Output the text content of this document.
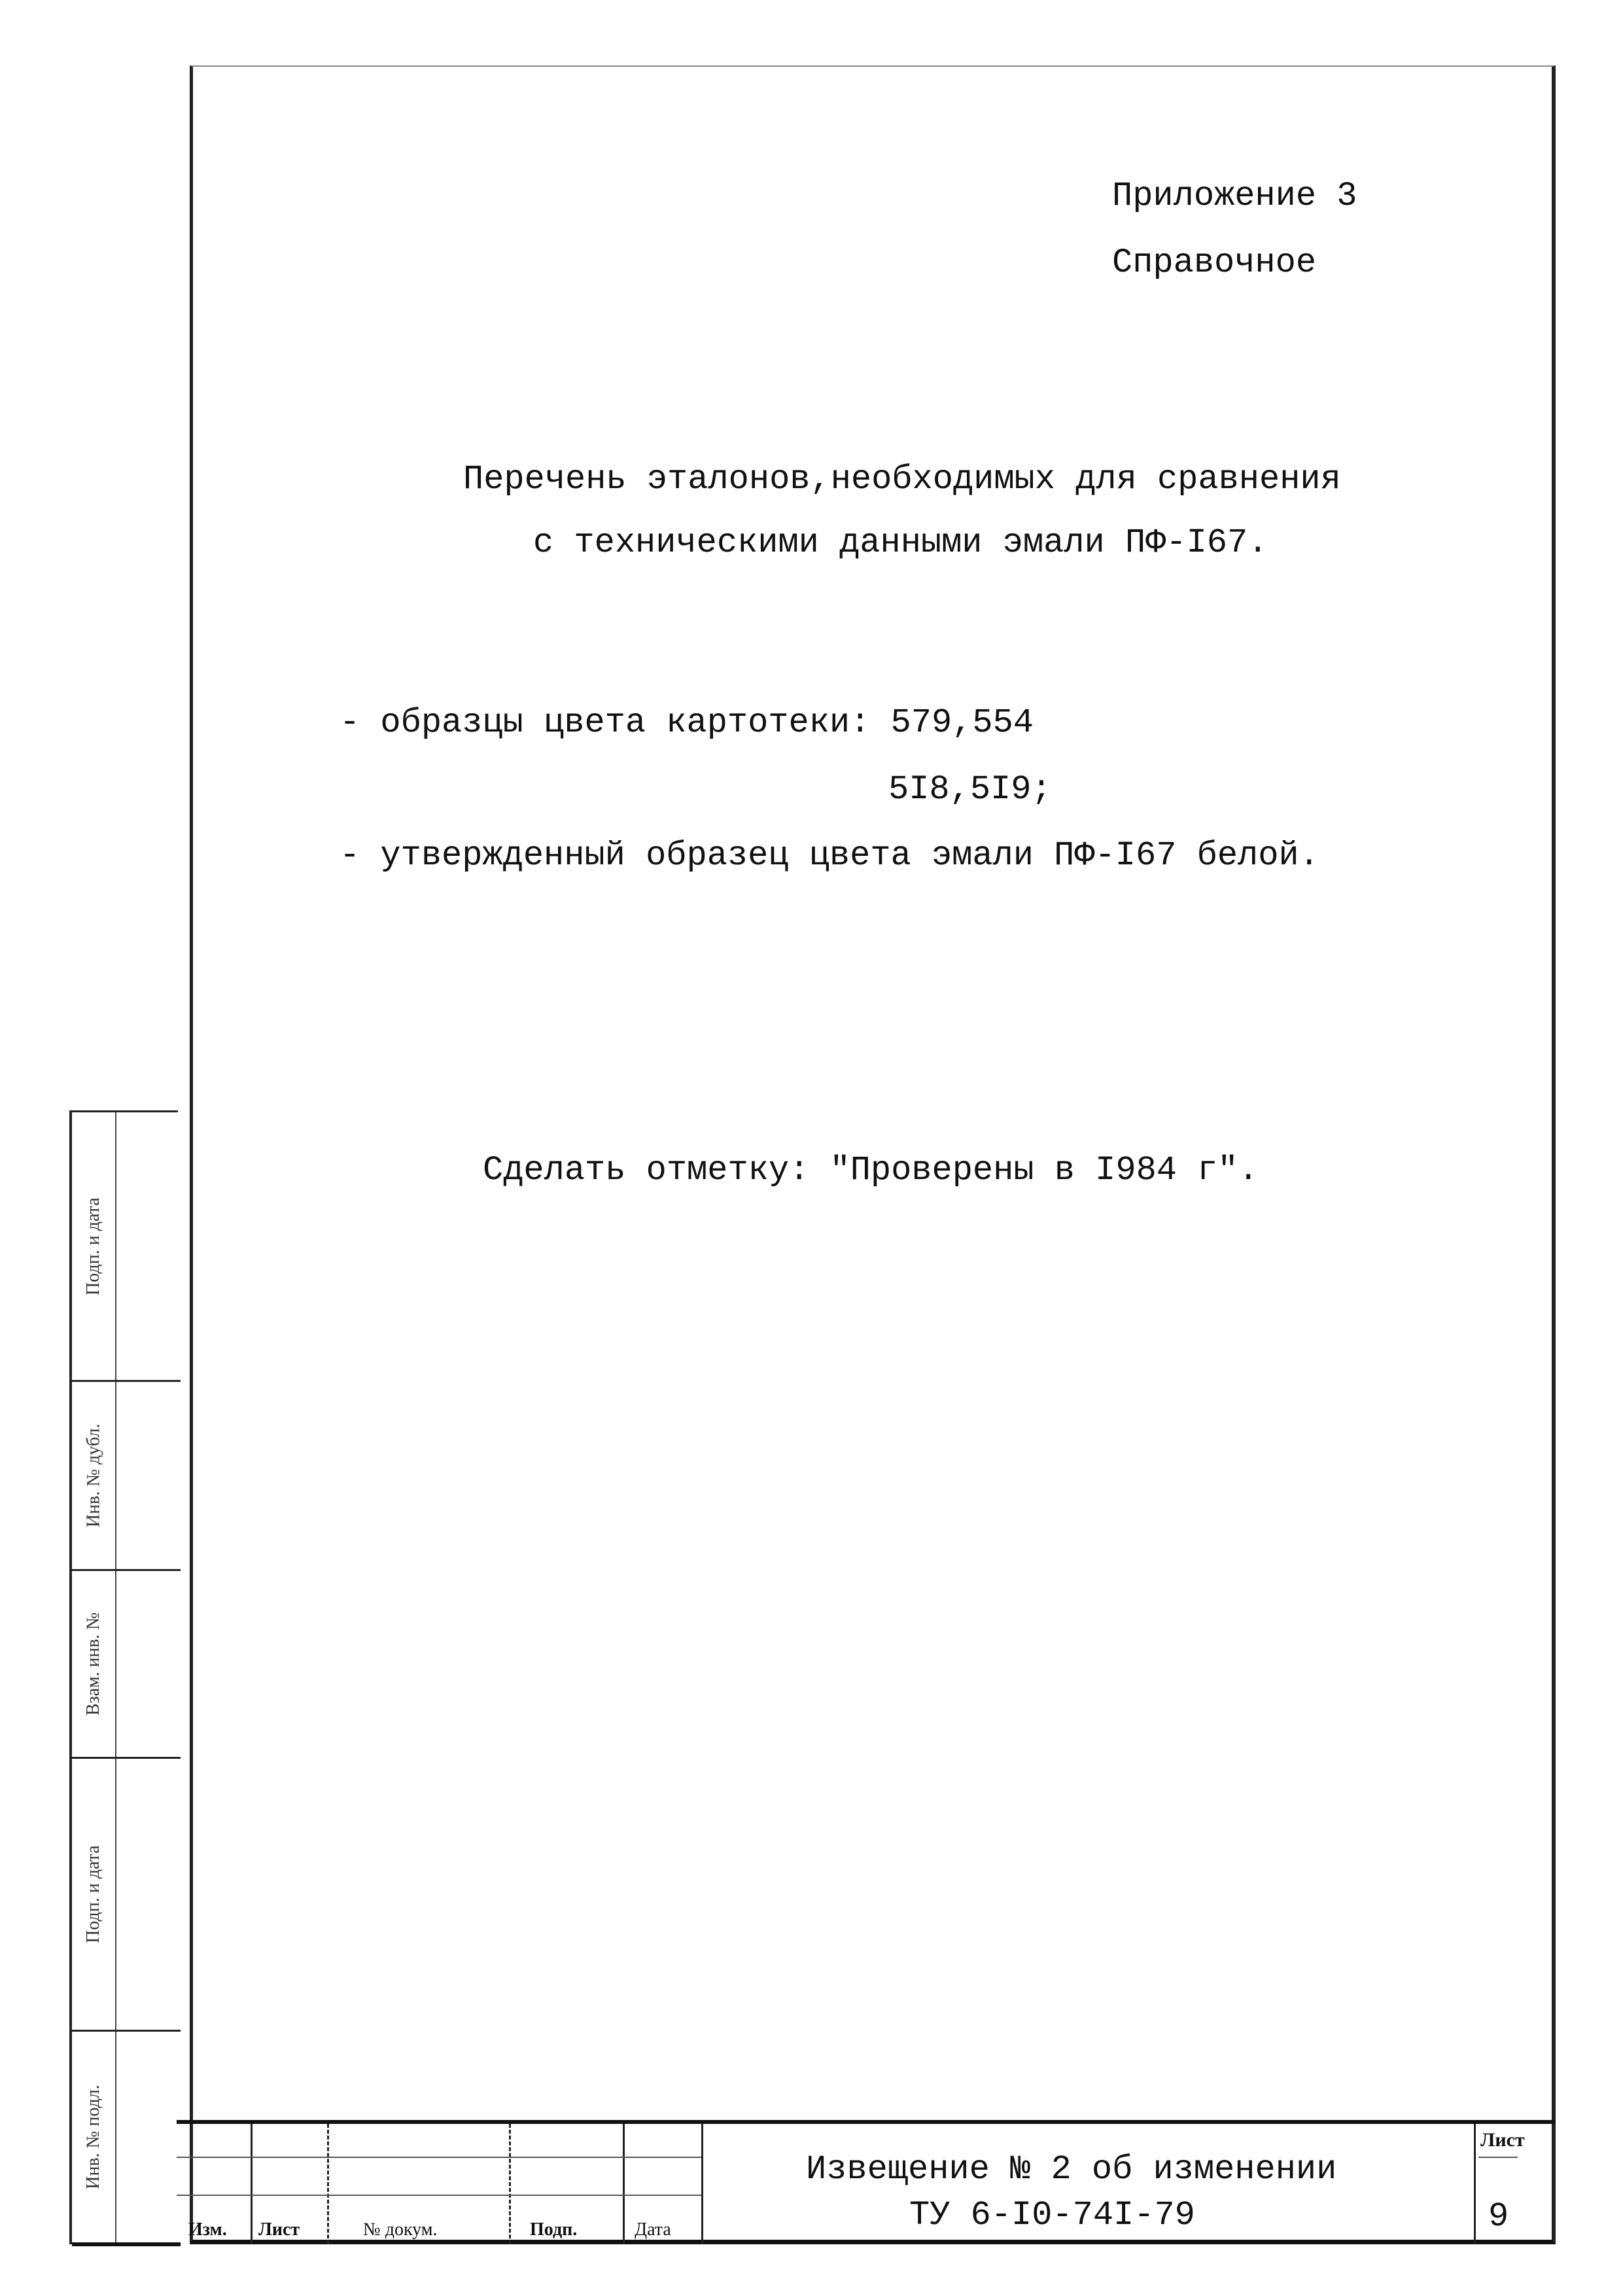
Приложение 3
Справочное
Перечень эталонов,необходимых для сравнения
с техническими данными эмали ПФ-I67.
- образцы цвета картотеки: 579,554
5I8,5I9;
- утвержденный образец цвета эмали ПФ-I67 белой.
Сделать отметку: "Проверены в I984 г".
Изм. Лист	№ докум.	Подп.	Дата
Извещение № 2 об изменении
ТУ 6-I0-74I-79
Лист
9
Подп. и дата
Инв. № дубл.
Взам. инв. №
Подп. и дата
Инв. № подл.
